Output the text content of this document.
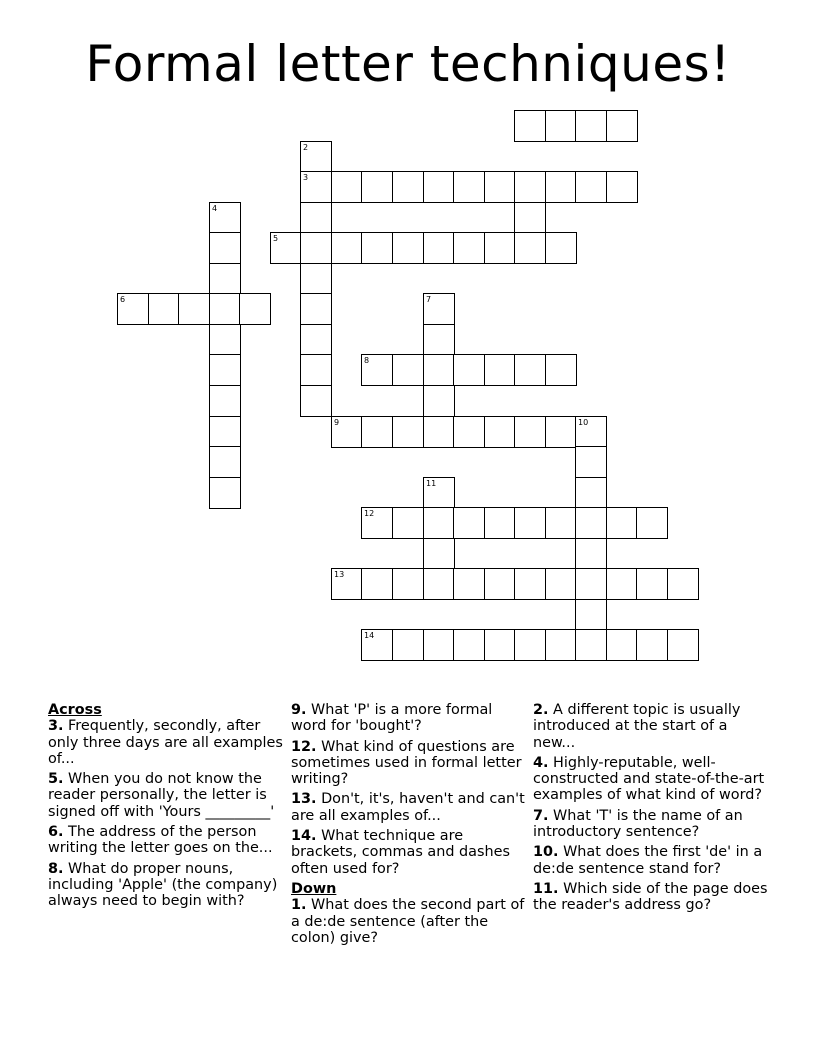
Formal letter techniques!
2
3
4
5
6	7
8
9	10
11
12
13
14
Across
3. Frequently, secondly, after only three days are all examples of...
5. When you do not know the reader personally, the letter is signed off with 'Yours _________'
6. The address of the person writing the letter goes on the...
8. What do proper nouns, including 'Apple' (the company) always need to begin with?
9. What 'P' is a more formal word for 'bought'?
12. What kind of questions are sometimes used in formal letter writing?
13. Don't, it's, haven't and can't are all examples of...
14. What technique are brackets, commas and dashes often used for?
Down
1. What does the second part of a de:de sentence (after the colon) give?
2. A different topic is usually introduced at the start of a new...
4. Highly-reputable, well-constructed and state-of-the-art examples of what kind of word?
7. What 'T' is the name of an introductory sentence?
10. What does the first 'de' in a de:de sentence stand for?
11. Which side of the page does the reader's address go?
